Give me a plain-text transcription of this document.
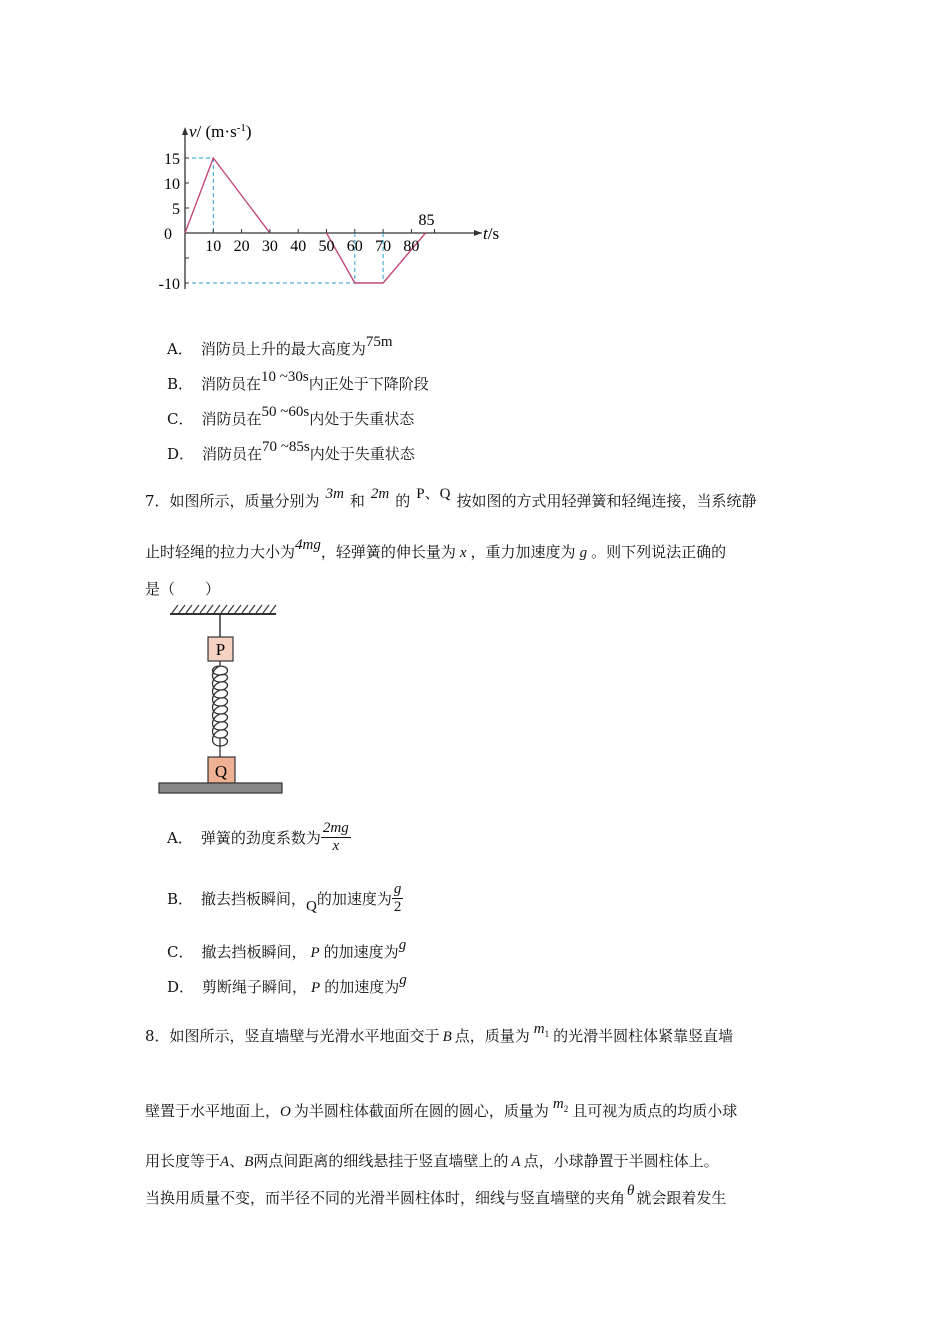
15
10
5
0
-10
10 20 30 40 50 60 70 80
85
v/ $(m\cdot s^{-1})$
t/s
A． 消防员上升的最大高度为75m
B． 消防员在10 ~30s内正处于下降阶段
C． 消防员在50 ~60s内处于失重状态
D． 消防员在70 ~85s内处于失重状态
7．如图所示，质量分别为 3m 和 2m 的 P、Q 按如图的方式用轻弹簧和轻绳连接，当系统静
止时轻绳的拉力大小为4mg，轻弹簧的伸长量为 x ，重力加速度为 g 。则下列说法正确的
是（　　）
P
Q
A． 弹簧的劲度系数为 $\frac{2mg}{x}$
B． 撤去挡板瞬间，Q的加速度为 $\frac{g}{2}$
C． 撤去挡板瞬间， P 的加速度为g
D． 剪断绳子瞬间， P 的加速度为g
8．如图所示，竖直墙壁与光滑水平地面交于 B 点，质量为 $m_1$ 的光滑半圆柱体紧靠竖直墙
壁置于水平地面上，O 为半圆柱体截面所在圆的圆心，质量为 $m_2$ 且可视为质点的均质小球
用长度等于A、B两点间距离的细线悬挂于竖直墙壁上的 A 点，小球静置于半圆柱体上。
当换用质量不变，而半径不同的光滑半圆柱体时，细线与竖直墙壁的夹角 θ 就会跟着发生
